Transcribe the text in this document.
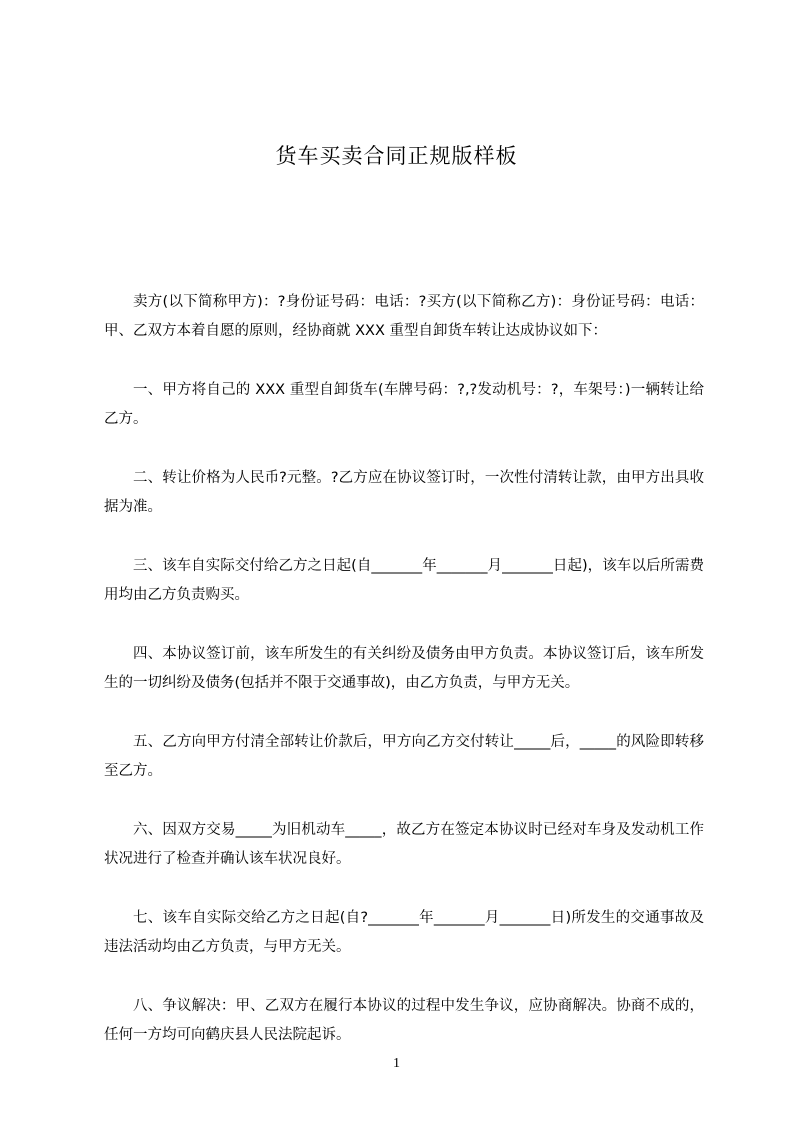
货车买卖合同正规版样板

卖方(以下简称甲方)：?身份证号码：电话：?买方(以下简称乙方)：身份证号码：电话：甲、乙双方本着自愿的原则，经协商就 XXX 重型自卸货车转让达成协议如下：

一、甲方将自己的 XXX 重型自卸货车(车牌号码：?,?发动机号：?，车架号：)一辆转让给乙方。

二、转让价格为人民币?元整。?乙方应在协议签订时，一次性付清转让款，由甲方出具收据为准。

三、该车自实际交付给乙方之日起(自_______年_______月_______日起)，该车以后所需费用均由乙方负责购买。

四、本协议签订前，该车所发生的有关纠纷及债务由甲方负责。本协议签订后，该车所发生的一切纠纷及债务(包括并不限于交通事故)，由乙方负责，与甲方无关。

五、乙方向甲方付清全部转让价款后，甲方向乙方交付转让_____后，_____的风险即转移至乙方。

六、因双方交易_____为旧机动车_____，故乙方在签定本协议时已经对车身及发动机工作状况进行了检查并确认该车状况良好。

七、该车自实际交给乙方之日起(自?_______年_______月_______日)所发生的交通事故及违法活动均由乙方负责，与甲方无关。

八、争议解决：甲、乙双方在履行本协议的过程中发生争议，应协商解决。协商不成的，任何一方均可向鹤庆县人民法院起诉。

1
